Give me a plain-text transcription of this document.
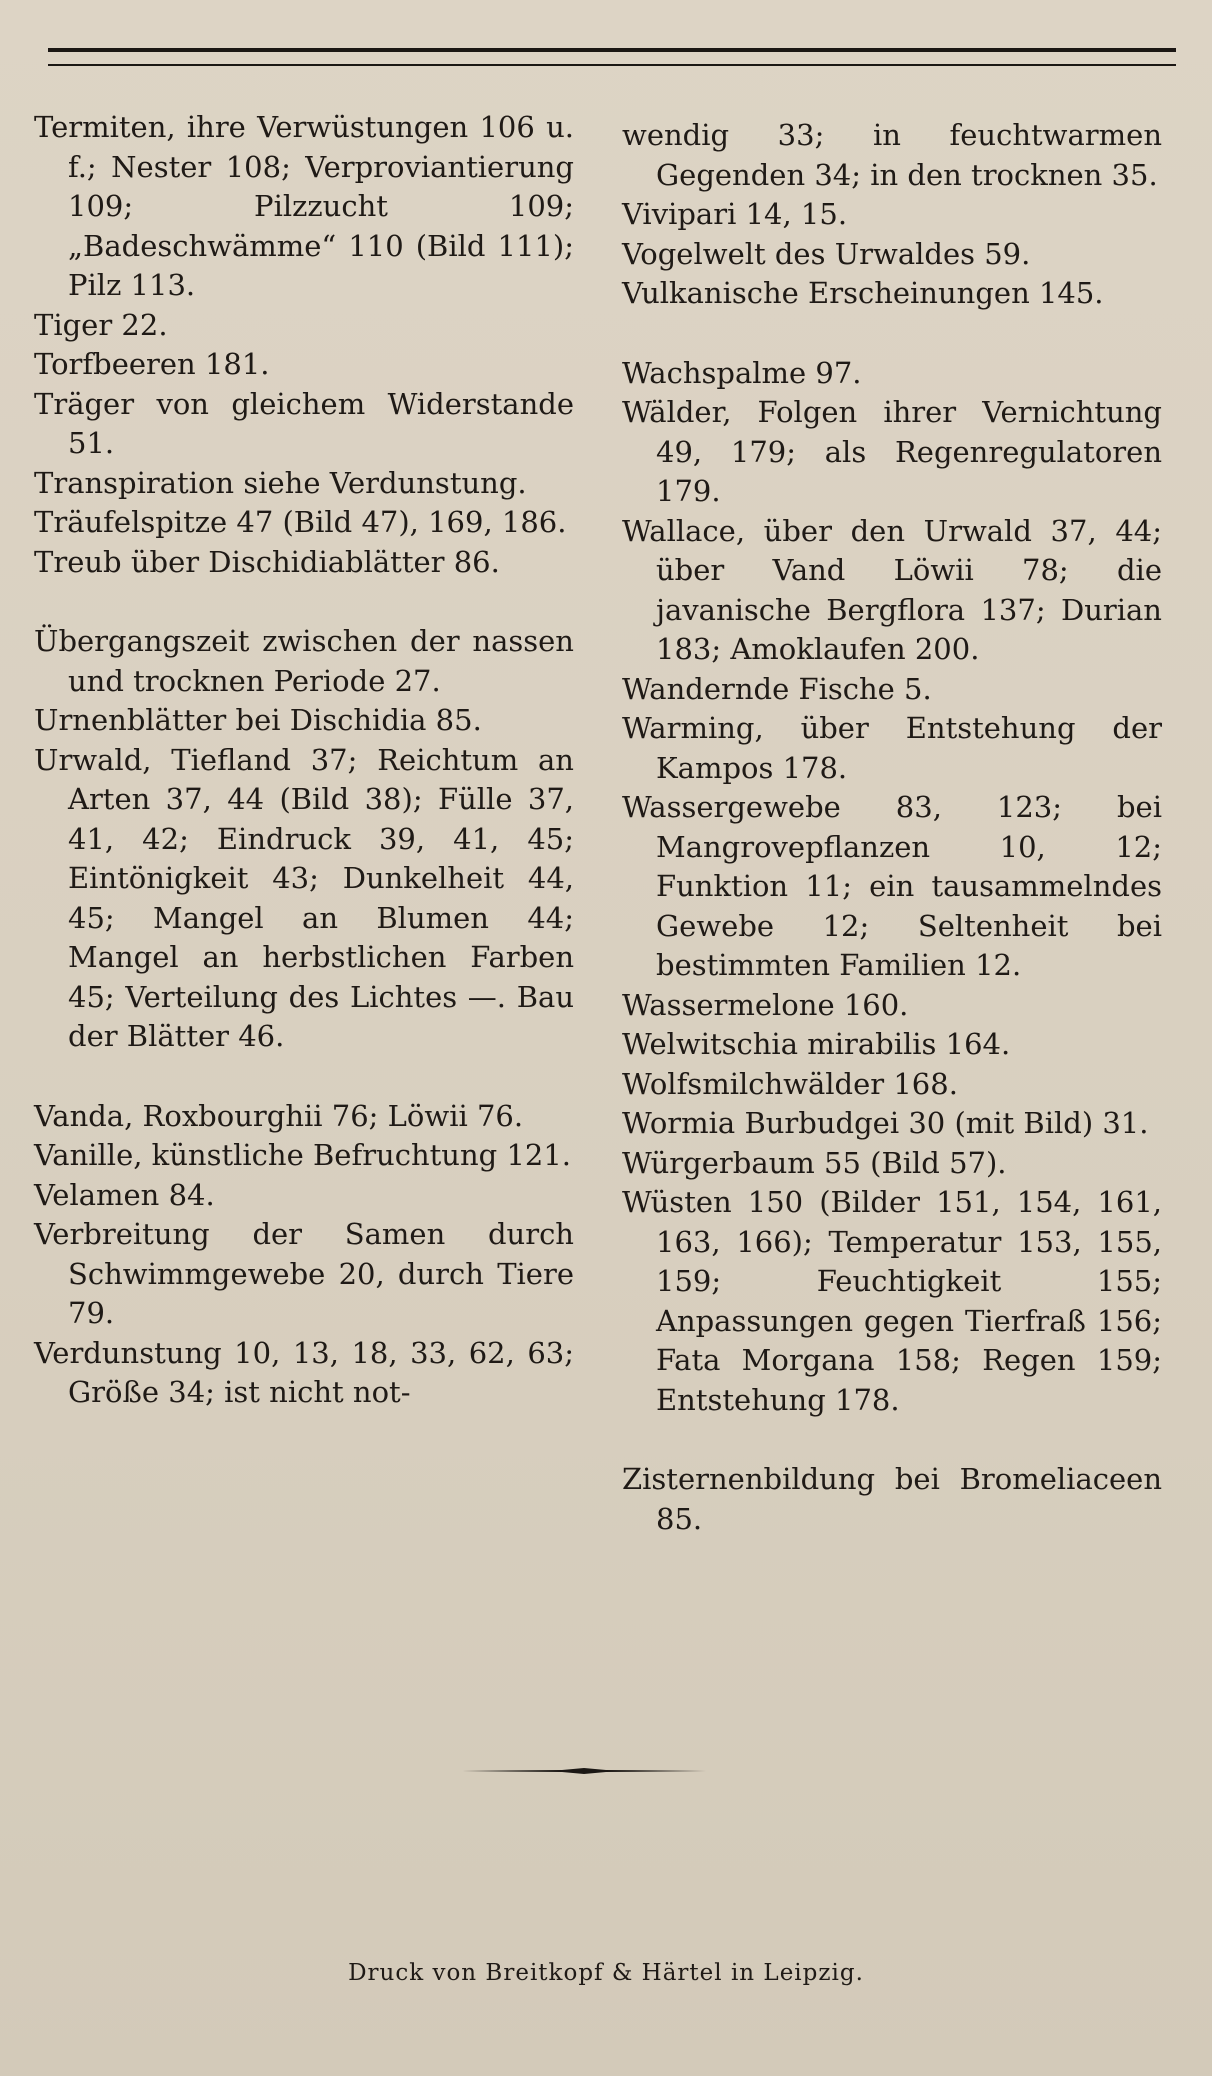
Termiten, ihre Verwüstungen 106 u. f.; Nester 108; Verproviantierung 109; Pilzzucht 109; „Badeschwämme“ 110 (Bild 111); Pilz 113.

Tiger 22.

Torfbeeren 181.

Träger von gleichem Widerstande 51.

Transpiration siehe Verdunstung.

Träufelspitze 47 (Bild 47), 169, 186.

Treub über Dischidiablätter 86.

Übergangszeit zwischen der nassen und trocknen Periode 27.

Urnenblätter bei Dischidia 85.

Urwald, Tiefland 37; Reichtum an Arten 37, 44 (Bild 38); Fülle 37, 41, 42; Eindruck 39, 41, 45; Eintönigkeit 43; Dunkelheit 44, 45; Mangel an Blumen 44; Mangel an herbstlichen Farben 45; Verteilung des Lichtes —. Bau der Blätter 46.

Vanda, Roxbourghii 76; Löwii 76.

Vanille, künstliche Befruchtung 121.

Velamen 84.

Verbreitung der Samen durch Schwimmgewebe 20, durch Tiere 79.

Verdunstung 10, 13, 18, 33, 62, 63; Größe 34; ist nicht not-

wendig 33; in feuchtwarmen Gegenden 34; in den trocknen 35.

Vivipari 14, 15.

Vogelwelt des Urwaldes 59.

Vulkanische Erscheinungen 145.

Wachspalme 97.

Wälder, Folgen ihrer Vernichtung 49, 179; als Regenregulatoren 179.

Wallace, über den Urwald 37, 44; über Vand Löwii 78; die javanische Bergflora 137; Durian 183; Amoklaufen 200.

Wandernde Fische 5.

Warming, über Entstehung der Kampos 178.

Wassergewebe 83, 123; bei Mangrovepflanzen 10, 12; Funktion 11; ein tausammelndes Gewebe 12; Seltenheit bei bestimmten Familien 12.

Wassermelone 160.

Welwitschia mirabilis 164.

Wolfsmilchwälder 168.

Wormia Burbudgei 30 (mit Bild) 31.

Würgerbaum 55 (Bild 57).

Wüsten 150 (Bilder 151, 154, 161, 163, 166); Temperatur 153, 155, 159; Feuchtigkeit 155; Anpassungen gegen Tierfraß 156; Fata Morgana 158; Regen 159; Entstehung 178.

Zisternenbildung bei Bromeliaceen 85.

Druck von Breitkopf & Härtel in Leipzig.
